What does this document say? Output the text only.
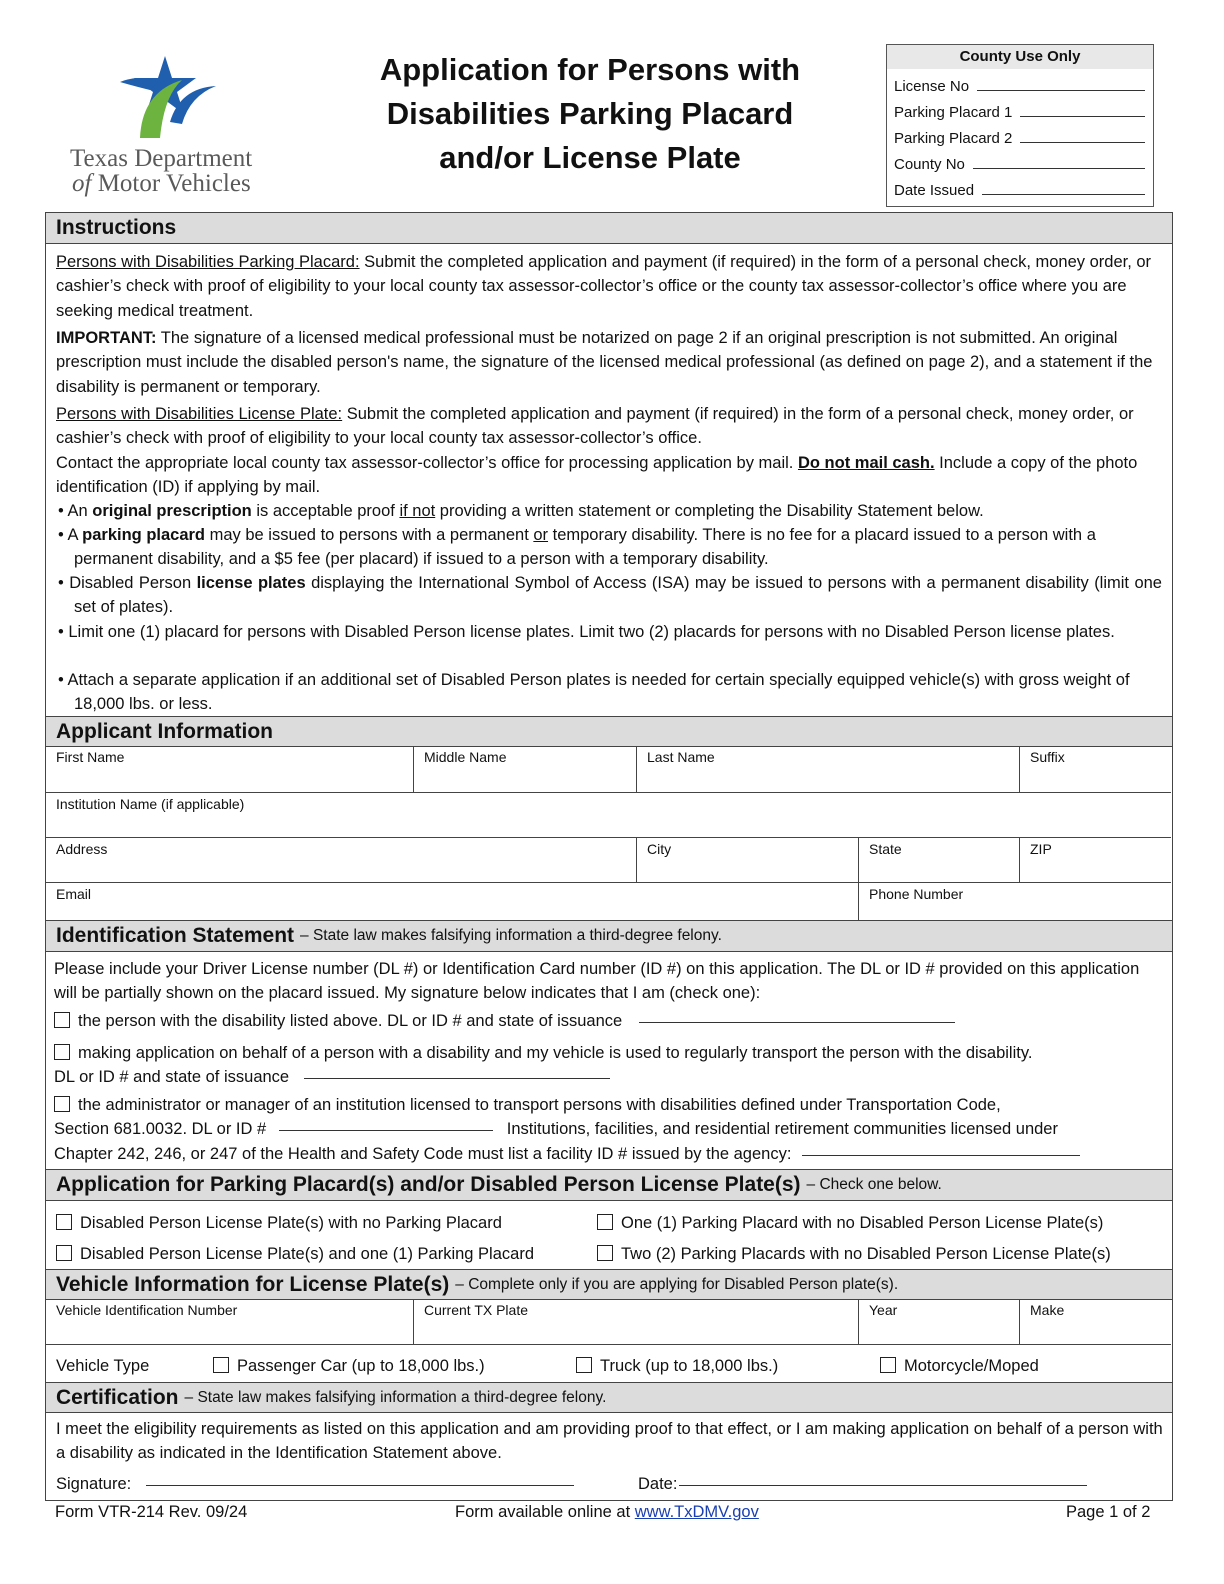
Texas Department
of Motor Vehicles
Application for Persons with
Disabilities Parking Placard
and/or License Plate
County Use Only
License No
Parking Placard 1
Parking Placard 2
County No
Date Issued
Instructions
Persons with Disabilities Parking Placard: Submit the completed application and payment (if required) in the form of a personal check, money order, or cashier’s check with proof of eligibility to your local county tax assessor-collector’s office or the county tax assessor-collector’s office where you are seeking medical treatment.
IMPORTANT: The signature of a licensed medical professional must be notarized on page 2 if an original prescription is not submitted. An original prescription must include the disabled person's name, the signature of the licensed medical professional (as defined on page 2), and a statement if the disability is permanent or temporary.
Persons with Disabilities License Plate: Submit the completed application and payment (if required) in the form of a personal check, money order, or cashier’s check with proof of eligibility to your local county tax assessor-collector’s office.
Contact the appropriate local county tax assessor-collector’s office for processing application by mail. Do not mail cash. Include a copy of the photo identification (ID) if applying by mail.
• An original prescription is acceptable proof if not providing a written statement or completing the Disability Statement below.
• A parking placard may be issued to persons with a permanent or temporary disability. There is no fee for a placard issued to a person with a permanent disability, and a $5 fee (per placard) if issued to a person with a temporary disability.
• Disabled Person license plates displaying the International Symbol of Access (ISA) may be issued to persons with a permanent disability (limit one set of plates).
• Limit one (1) placard for persons with Disabled Person license plates. Limit two (2) placards for persons with no Disabled Person license plates.
• Attach a separate application if an additional set of Disabled Person plates is needed for certain specially equipped vehicle(s) with gross weight of 18,000 lbs. or less.
Applicant Information
First Name	Middle Name	Last Name	Suffix
Institution Name (if applicable)
Address	City	State	ZIP
Email	Phone Number
Identification Statement – State law makes falsifying information a third-degree felony.
Please include your Driver License number (DL #) or Identification Card number (ID #) on this application. The DL or ID # provided on this application will be partially shown on the placard issued. My signature below indicates that I am (check one):
the person with the disability listed above. DL or ID # and state of issuance
making application on behalf of a person with a disability and my vehicle is used to regularly transport the person with the disability.
DL or ID # and state of issuance
the administrator or manager of an institution licensed to transport persons with disabilities defined under Transportation Code,
Section 681.0032. DL or ID #	Institutions, facilities, and residential retirement communities licensed under
Chapter 242, 246, or 247 of the Health and Safety Code must list a facility ID # issued by the agency:
Application for Parking Placard(s) and/or Disabled Person License Plate(s) – Check one below.
Disabled Person License Plate(s) with no Parking Placard	One (1) Parking Placard with no Disabled Person License Plate(s)
Disabled Person License Plate(s) and one (1) Parking Placard	Two (2) Parking Placards with no Disabled Person License Plate(s)
Vehicle Information for License Plate(s) – Complete only if you are applying for Disabled Person plate(s).
Vehicle Identification Number	Current TX Plate	Year	Make
Vehicle Type	Passenger Car (up to 18,000 lbs.)	Truck (up to 18,000 lbs.)	Motorcycle/Moped
Certification – State law makes falsifying information a third-degree felony.
I meet the eligibility requirements as listed on this application and am providing proof to that effect, or I am making application on behalf of a person with a disability as indicated in the Identification Statement above.
Signature:	Date:
Form VTR-214 Rev. 09/24	Form available online at www.TxDMV.gov	Page 1 of 2
